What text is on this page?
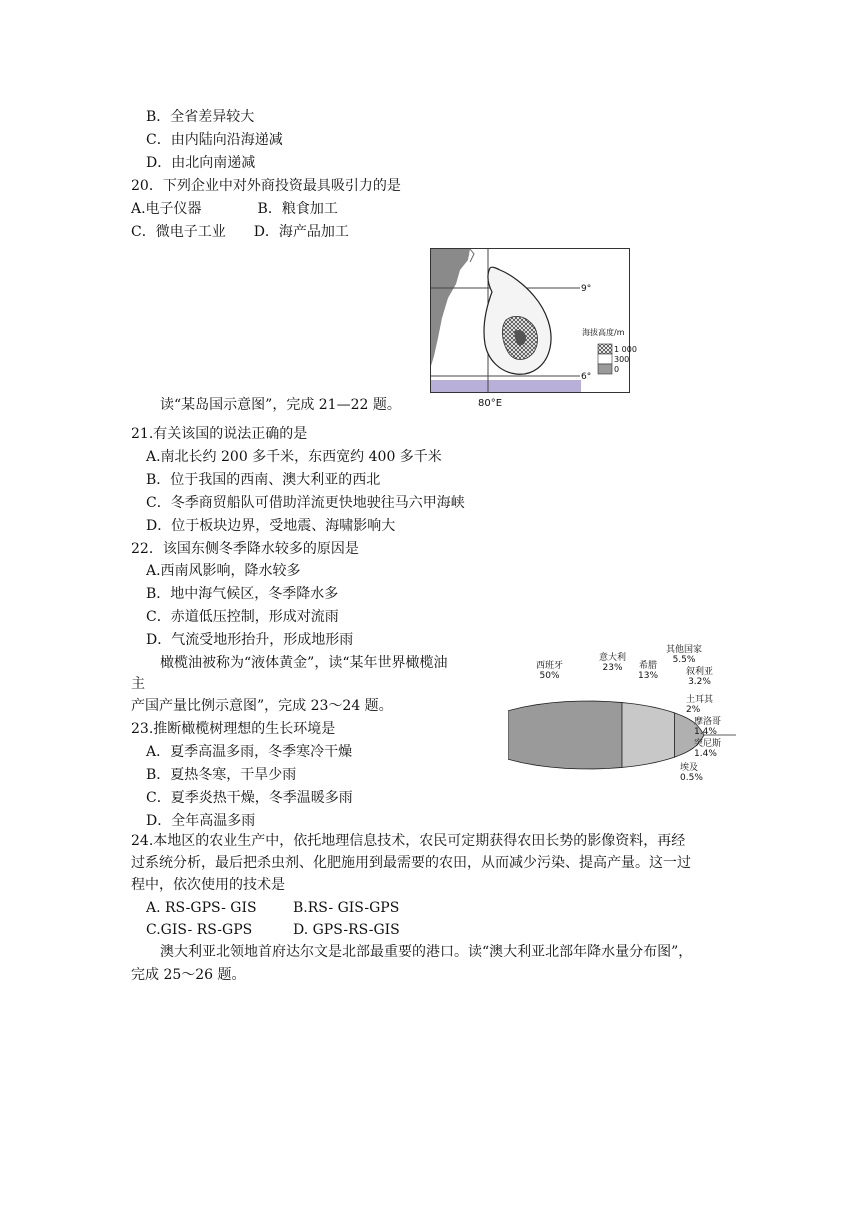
B．全省差异较大
C．由内陆向沿海递减
D．由北向南递减
20．下列企业中对外商投资最具吸引力的是
A.电子仪器　　　　B．粮食加工
C．微电子工业　　D．海产品加工
9°
6°
80°E
海拔高度/m
1 000
300
0
读“某岛国示意图”，完成 21—22 题。
21.有关该国的说法正确的是
A.南北长约 200 多千米，东西宽约 400 多千米
B．位于我国的西南、澳大利亚的西北
C．冬季商贸船队可借助洋流更快地驶往马六甲海峡
D．位于板块边界，受地震、海啸影响大
22．该国东侧冬季降水较多的原因是
A.西南风影响，降水较多
B．地中海气候区，冬季降水多
C．赤道低压控制，形成对流雨
D．气流受地形抬升，形成地形雨
橄榄油被称为“液体黄金”，读“某年世界橄榄油
主
产国产量比例示意图”，完成 23～24 题。
23.推断橄榄树理想的生长环境是
A．夏季高温多雨，冬季寒冷干燥
B．夏热冬寒，干旱少雨
C．夏季炎热干燥，冬季温暖多雨
D．全年高温多雨
西班牙
50%
意大利
23%	希腊
13%
其他国家
5.5%
叙利亚
3.2%
土耳其
2%
摩洛哥
1.4%
突尼斯
1.4%
埃及
0.5%
24.本地区的农业生产中，依托地理信息技术，农民可定期获得农田长势的影像资料，再经
过系统分析，最后把杀虫剂、化肥施用到最需要的农田，从而减少污染、提高产量。这一过
程中，依次使用的技术是
A. RS-GPS- GIS	B.RS- GIS-GPS
C.GIS- RS-GPS	D. GPS-RS-GIS
澳大利亚北领地首府达尔文是北部最重要的港口。读“澳大利亚北部年降水量分布图”，
完成 25～26 题。
